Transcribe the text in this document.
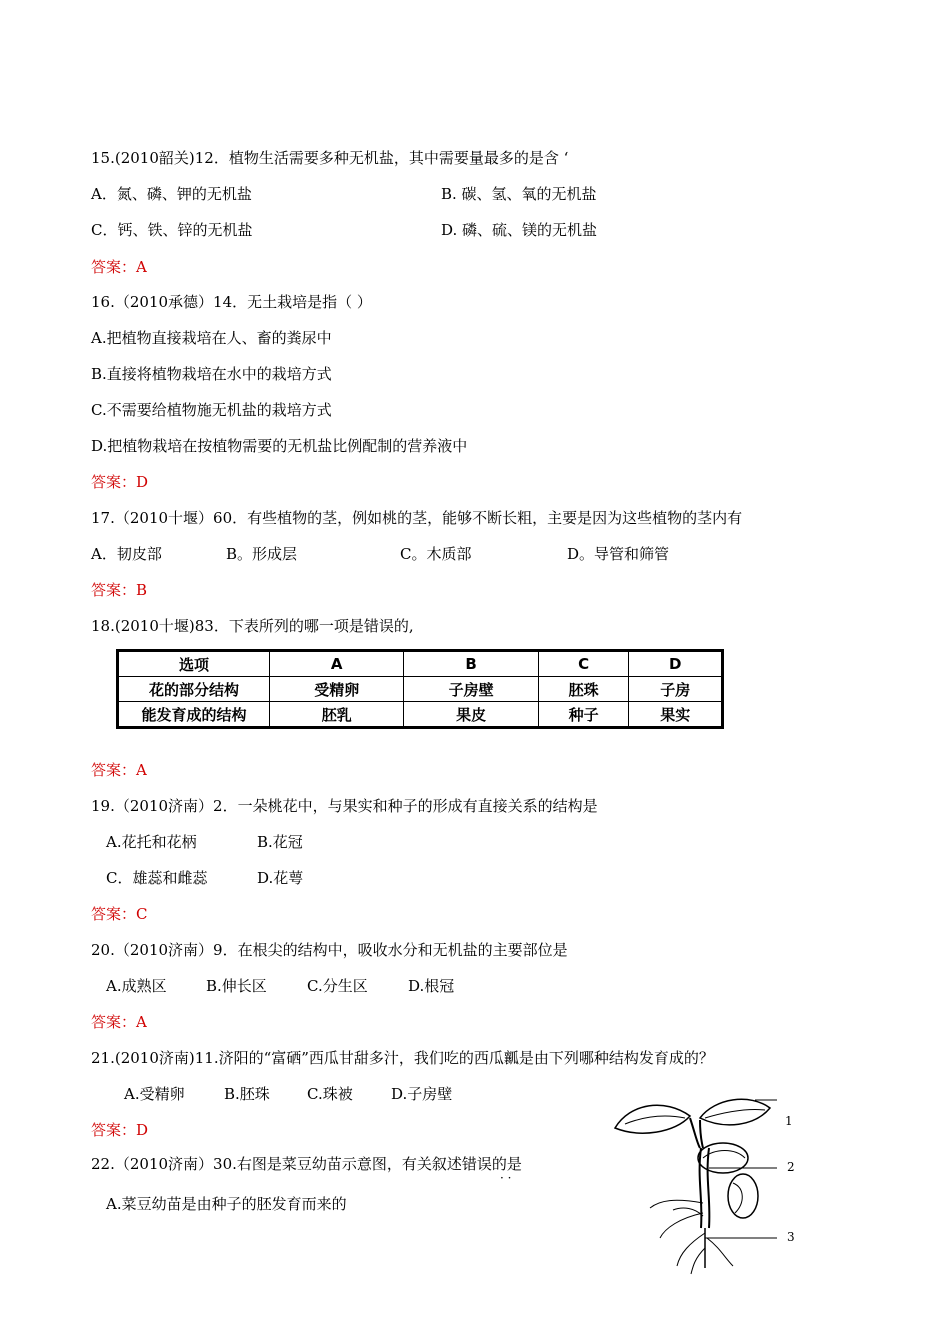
15.(2010韶关)12．植物生活需要多种无机盐，其中需要量最多的是含 ‘
A．氮、磷、钾的无机盐	B. 碳、氢、氧的无机盐
C．钙、铁、锌的无机盐	D. 磷、硫、镁的无机盐
答案：A
16.（2010承德）14．无土栽培是指（ ）
A.把植物直接栽培在人、畜的粪尿中
B.直接将植物栽培在水中的栽培方式
C.不需要给植物施无机盐的栽培方式
D.把植物栽培在按植物需要的无机盐比例配制的营养液中
答案：D
17.（2010十堰）60．有些植物的茎，例如桃的茎，能够不断长粗，主要是因为这些植物的茎内有
A．韧皮部	B。形成层	C。木质部	D。导管和筛管
答案：B
18.(2010十堰)83．下表所列的哪一项是错误的,
选项	A	B	C	D
花的部分结构	受精卵	子房壁	胚珠	子房
能发育成的结构	胚乳	果皮	种子	果实
答案：A
19.（2010济南）2．一朵桃花中，与果实和种子的形成有直接关系的结构是
A.花托和花柄	B.花冠
C．雄蕊和雌蕊	D.花萼
答案：C
20.（2010济南）9．在根尖的结构中，吸收水分和无机盐的主要部位是
A.成熟区	B.伸长区	C.分生区	D.根冠
答案：A
21.(2010济南)11.济阳的“富硒”西瓜甘甜多汁，我们吃的西瓜瓤是由下列哪种结构发育成的？
A.受精卵	B.胚珠 C.珠被	D.子房壁
答案：D
22.（2010济南）30.右图是菜豆幼苗示意图，有关叙述错误的是
· ·
A.菜豆幼苗是由种子的胚发育而来的
1
2
3
